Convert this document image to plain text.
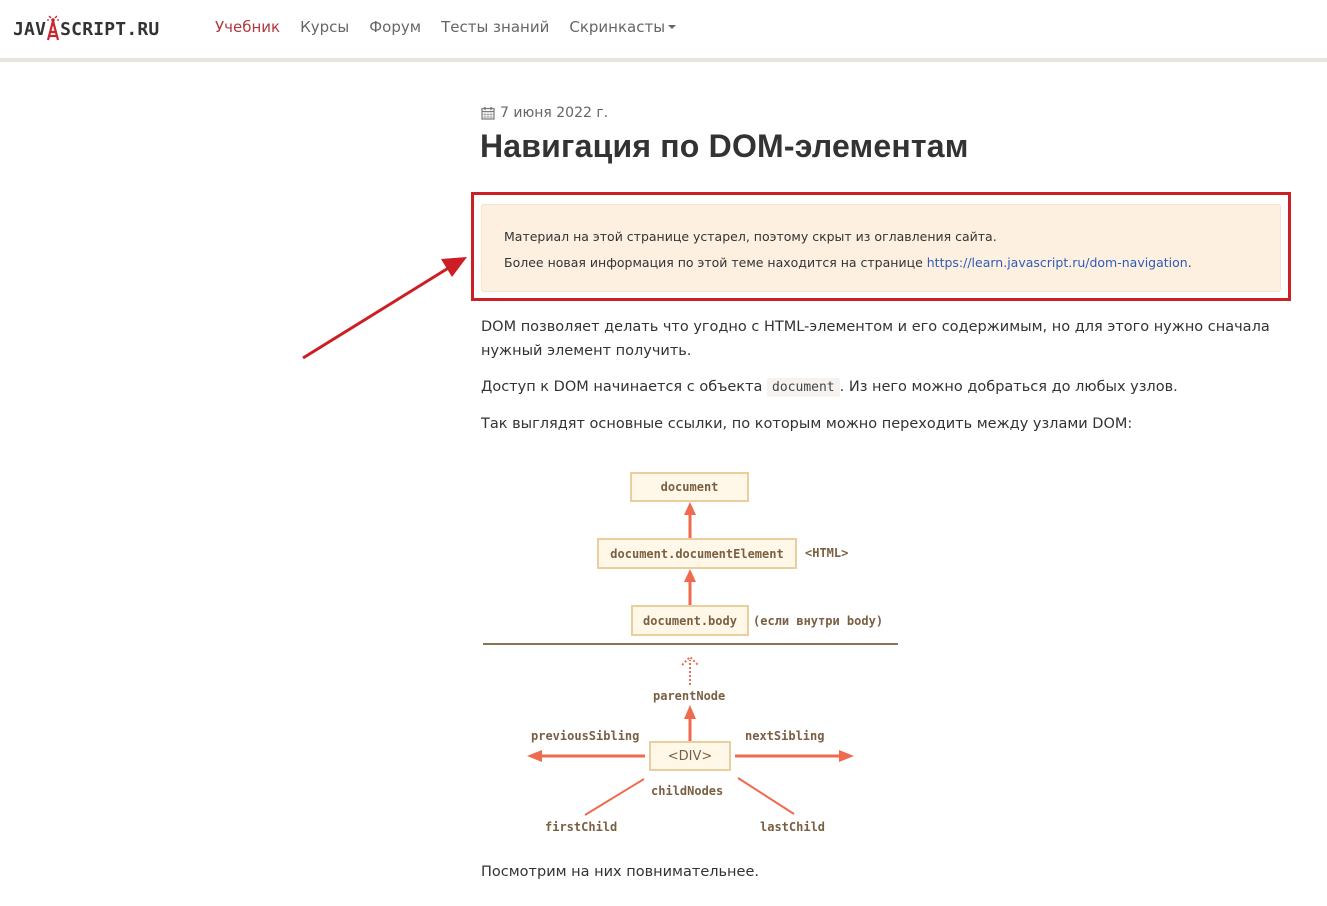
JAV SCRIPT.RU	Учебник Курсы Форум Тесты знаний Скринкасты
7 июня 2022 г.
Навигация по DOM-элементам

Материал на этой странице устарел, поэтому скрыт из оглавления сайта.

Более новая информация по этой теме находится на странице https://learn.javascript.ru/dom-navigation.

DOM позволяет делать что угодно с HTML-элементом и его содержимым, но для этого нужно сначала
нужный элемент получить.
Доступ к DOM начинается с объекта document . Из него можно добраться до любых узлов.
Так выглядят основные ссылки, по которым можно переходить между узлами DOM:
document
document.documentElement	<HTML>
document.body	(если внутри body)
parentNode
previousSibling	nextSibling
<DIV>
childNodes
firstChild	lastChild
Посмотрим на них повнимательнее.
